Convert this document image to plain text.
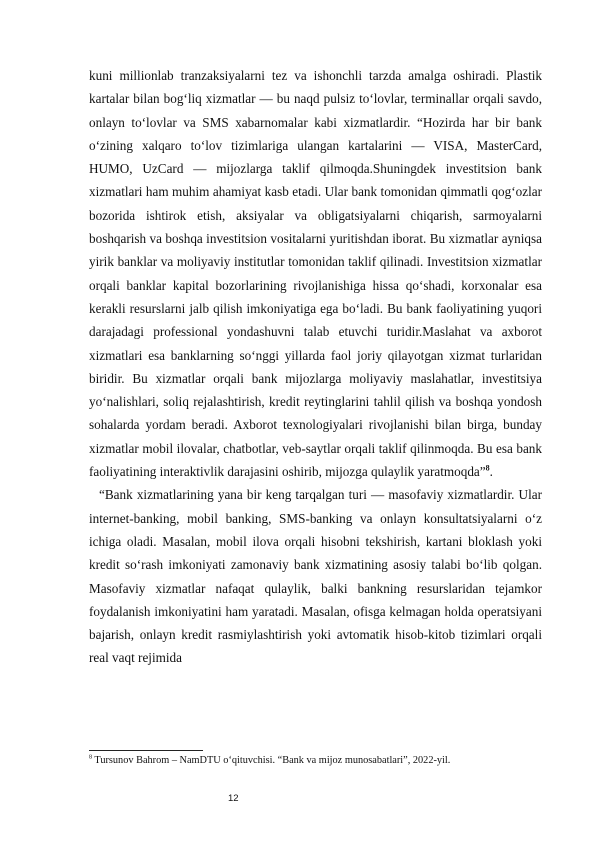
kuni millionlab tranzaksiyalarni tez va ishonchli tarzda amalga oshiradi. Plastik kartalar bilan bog‘liq xizmatlar — bu naqd pulsiz to‘lovlar, terminallar orqali savdo, onlayn to‘lovlar va SMS xabarnomalar kabi xizmatlardir. “Hozirda har bir bank o‘zining xalqaro to‘lov tizimlariga ulangan kartalarini — VISA, MasterCard, HUMO, UzCard — mijozlarga taklif qilmoqda.Shuningdek investitsion bank xizmatlari ham muhim ahamiyat kasb etadi. Ular bank tomonidan qimmatli qog‘ozlar bozorida ishtirok etish, aksiyalar va obligatsiyalarni chiqarish, sarmoyalarni boshqarish va boshqa investitsion vositalarni yuritishdan iborat. Bu xizmatlar ayniqsa yirik banklar va moliyaviy institutlar tomonidan taklif qilinadi. Investitsion xizmatlar orqali banklar kapital bozorlarining rivojlanishiga hissa qo‘shadi, korxonalar esa kerakli resurslarni jalb qilish imkoniyatiga ega bo‘ladi. Bu bank faoliyatining yuqori darajadagi professional yondashuvni talab etuvchi turidir.Maslahat va axborot xizmatlari esa banklarning so‘nggi yillarda faol joriy qilayotgan xizmat turlaridan biridir. Bu xizmatlar orqali bank mijozlarga moliyaviy maslahatlar, investitsiya yo‘nalishlari, soliq rejalashtirish, kredit reytinglarini tahlil qilish va boshqa yondosh sohalarda yordam beradi. Axborot texnologiyalari rivojlanishi bilan birga, bunday xizmatlar mobil ilovalar, chatbotlar, veb-saytlar orqali taklif qilinmoqda. Bu esa bank faoliyatining interaktivlik darajasini oshirib, mijozga qulaylik yaratmoqda”$^8$.

“Bank xizmatlarining yana bir keng tarqalgan turi — masofaviy xizmatlardir. Ular internet-banking, mobil banking, SMS-banking va onlayn konsultatsiyalarni o‘z ichiga oladi. Masalan, mobil ilova orqali hisobni tekshirish, kartani bloklash yoki kredit so‘rash imkoniyati zamonaviy bank xizmatining asosiy talabi bo‘lib qolgan. Masofaviy xizmatlar nafaqat qulaylik, balki bankning resurslaridan tejamkor foydalanish imkoniyatini ham yaratadi. Masalan, ofisga kelmagan holda operatsiyani bajarish, onlayn kredit rasmiylashtirish yoki avtomatik hisob-kitob tizimlari orqali real vaqt rejimida

$^8$ Tursunov Bahrom – NamDTU o‘qituvchisi. “Bank va mijoz munosabatlari”, 2022-yil.
12
